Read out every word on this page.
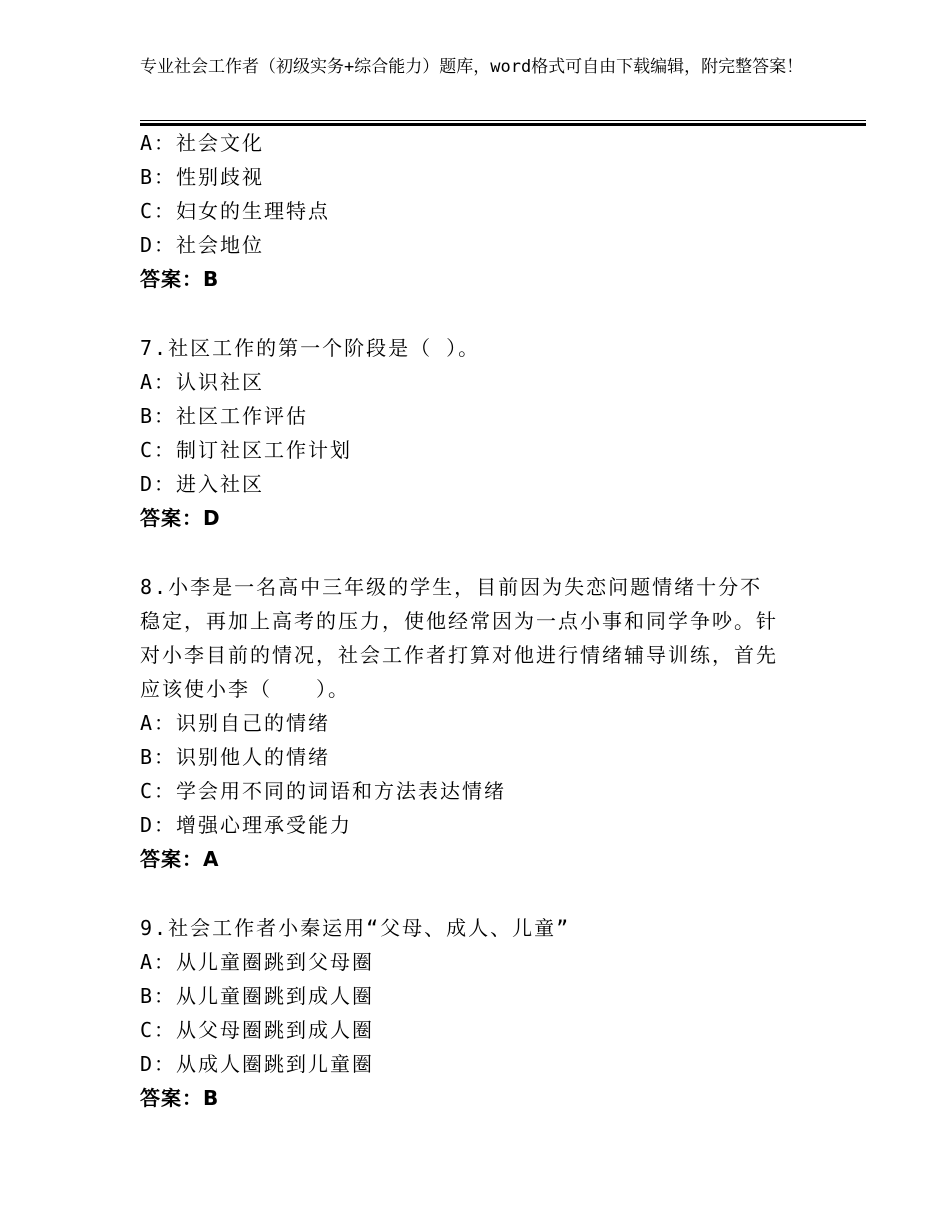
专业社会工作者（初级实务+综合能力）题库，word格式可自由下载编辑，附完整答案！
A：社会文化
B：性别歧视
C：妇女的生理特点
D：社会地位
答案：B
7.社区工作的第一个阶段是（ ）。
A：认识社区
B：社区工作评估
C：制订社区工作计划
D：进入社区
答案：D
8.小李是一名高中三年级的学生，目前因为失恋问题情绪十分不稳定，再加上高考的压力，使他经常因为一点小事和同学争吵。针对小李目前的情况，社会工作者打算对他进行情绪辅导训练，首先应该使小李（　　）。
A：识别自己的情绪
B：识别他人的情绪
C：学会用不同的词语和方法表达情绪
D：增强心理承受能力
答案：A
9.社会工作者小秦运用“父母、成人、儿童”
A：从儿童圈跳到父母圈
B：从儿童圈跳到成人圈
C：从父母圈跳到成人圈
D：从成人圈跳到儿童圈
答案：B
